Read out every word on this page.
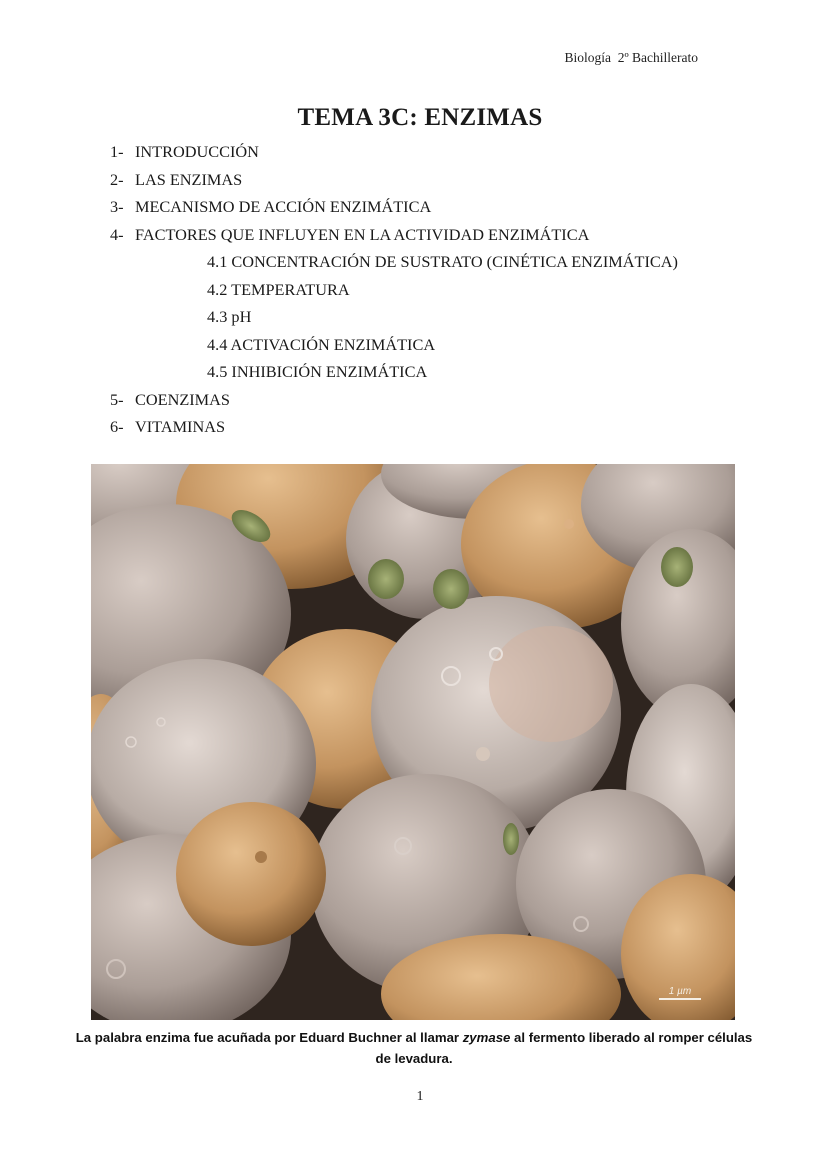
Biología  2º Bachillerato
TEMA 3C: ENZIMAS
1- INTRODUCCIÓN
2- LAS ENZIMAS
3- MECANISMO DE ACCIÓN ENZIMÁTICA
4- FACTORES QUE INFLUYEN EN LA ACTIVIDAD ENZIMÁTICA
4.1 CONCENTRACIÓN DE SUSTRATO (CINÉTICA ENZIMÁTICA)
4.2 TEMPERATURA
4.3 pH
4.4 ACTIVACIÓN ENZIMÁTICA
4.5 INHIBICIÓN ENZIMÁTICA
5- COENZIMAS
6- VITAMINAS
1 µm
La palabra enzima fue acuñada por Eduard Buchner al llamar zymase al fermento liberado al romper células de levadura.
1
